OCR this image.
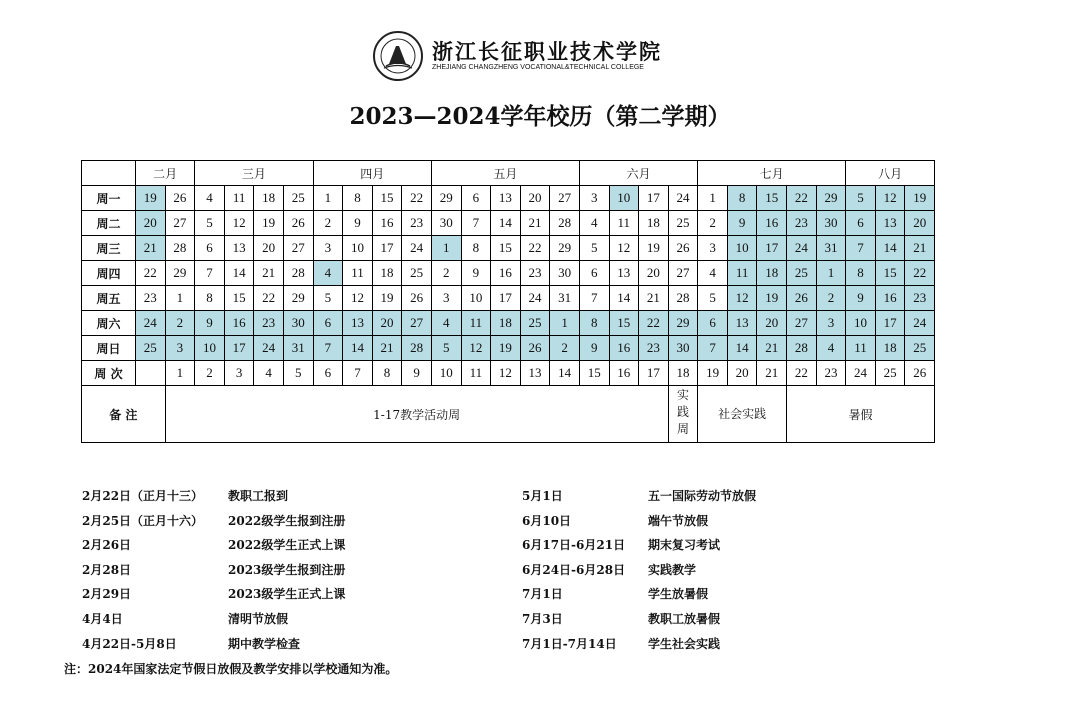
浙江长征职业技术学院
ZHEJIANG CHANGZHENG VOCATIONAL&TECHNICAL COLLEGE
2023—2024学年校历（第二学期）
	二月		三月				四月				五月					六月				七月					八月		
周一	19	26	4	11	18	25	1	8	15	22	29	6	13	20	27	3	10	17	24	1	8	15	22	29	5	12	19
周二	20	27	5	12	19	26	2	9	16	23	30	7	14	21	28	4	11	18	25	2	9	16	23	30	6	13	20
周三	21	28	6	13	20	27	3	10	17	24	1	8	15	22	29	5	12	19	26	3	10	17	24	31	7	14	21
周四	22	29	7	14	21	28	4	11	18	25	2	9	16	23	30	6	13	20	27	4	11	18	25	1	8	15	22
周五	23	1	8	15	22	29	5	12	19	26	3	10	17	24	31	7	14	21	28	5	12	19	26	2	9	16	23
周六	24	2	9	16	23	30	6	13	20	27	4	11	18	25	1	8	15	22	29	6	13	20	27	3	10	17	24
周日	25	3	10	17	24	31	7	14	21	28	5	12	19	26	2	9	16	23	30	7	14	21	28	4	11	18	25
周 次		1	2	3	4	5	6	7	8	9	10	11	12	13	14	15	16	17	18	19	20	21	22	23	24	25	26
备 注		1-17教学活动周																	实践周	社会实践			暑假				
2月22日（正月十三） 教职工报到
2月25日（正月十六） 2022级学生报到注册
2月26日	2022级学生正式上课
2月28日	2023级学生报到注册
2月29日	2023级学生正式上课
4月4日	清明节放假
4月22日-5月8日	期中教学检查
5月1日	五一国际劳动节放假
6月10日	端午节放假
6月17日-6月21日 期末复习考试
6月24日-6月28日 实践教学
7月1日	学生放暑假
7月3日	教职工放暑假
7月1日-7月14日	学生社会实践
注：2024年国家法定节假日放假及教学安排以学校通知为准。
